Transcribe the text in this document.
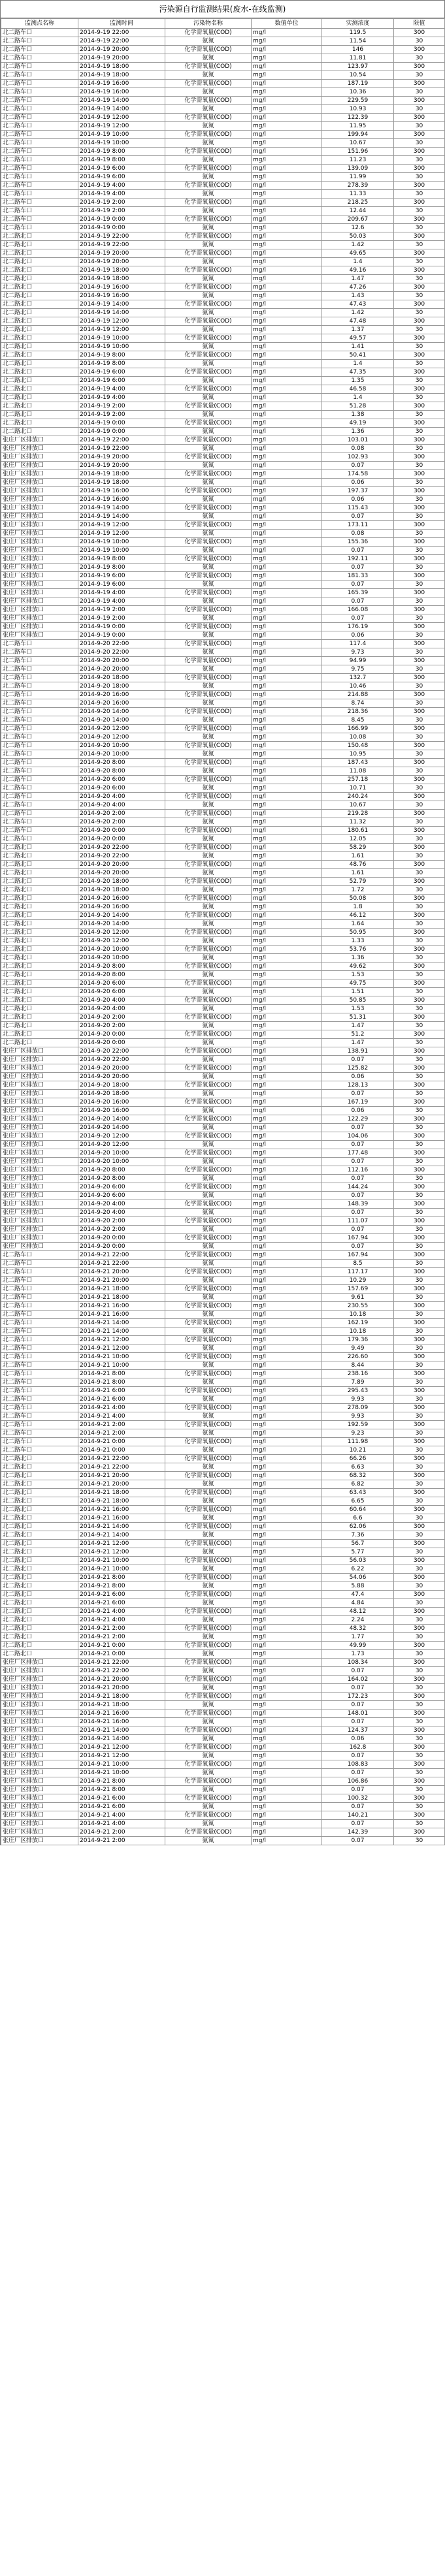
污染源自行监测结果(废水-在线监测)
监测点名称	监测时间	污染物名称	数值单位	实测浓度	限值
北二路车口	2014-9-19 22:00	化学需氧量(COD)	mg/l	119.5	300
北二路车口	2014-9-19 22:00	氨氮	mg/l	11.54	30
北二路车口	2014-9-19 20:00	化学需氧量(COD)	mg/l	146	300
北二路车口	2014-9-19 20:00	氨氮	mg/l	11.81	30
北二路车口	2014-9-19 18:00	化学需氧量(COD)	mg/l	123.97	300
北二路车口	2014-9-19 18:00	氨氮	mg/l	10.54	30
北二路车口	2014-9-19 16:00	化学需氧量(COD)	mg/l	187.19	300
北二路车口	2014-9-19 16:00	氨氮	mg/l	10.36	30
北二路车口	2014-9-19 14:00	化学需氧量(COD)	mg/l	229.59	300
北二路车口	2014-9-19 14:00	氨氮	mg/l	10.93	30
北二路车口	2014-9-19 12:00	化学需氧量(COD)	mg/l	122.39	300
北二路车口	2014-9-19 12:00	氨氮	mg/l	11.95	30
北二路车口	2014-9-19 10:00	化学需氧量(COD)	mg/l	199.94	300
北二路车口	2014-9-19 10:00	氨氮	mg/l	10.67	30
北二路车口	2014-9-19 8:00	化学需氧量(COD)	mg/l	151.96	300
北二路车口	2014-9-19 8:00	氨氮	mg/l	11.23	30
北二路车口	2014-9-19 6:00	化学需氧量(COD)	mg/l	139.09	300
北二路车口	2014-9-19 6:00	氨氮	mg/l	11.99	30
北二路车口	2014-9-19 4:00	化学需氧量(COD)	mg/l	278.39	300
北二路车口	2014-9-19 4:00	氨氮	mg/l	11.33	30
北二路车口	2014-9-19 2:00	化学需氧量(COD)	mg/l	218.25	300
北二路车口	2014-9-19 2:00	氨氮	mg/l	12.44	30
北二路车口	2014-9-19 0:00	化学需氧量(COD)	mg/l	209.67	300
北二路车口	2014-9-19 0:00	氨氮	mg/l	12.6	30
北二路北口	2014-9-19 22:00	化学需氧量(COD)	mg/l	50.03	300
北二路北口	2014-9-19 22:00	氨氮	mg/l	1.42	30
北二路北口	2014-9-19 20:00	化学需氧量(COD)	mg/l	49.65	300
北二路北口	2014-9-19 20:00	氨氮	mg/l	1.4	30
北二路北口	2014-9-19 18:00	化学需氧量(COD)	mg/l	49.16	300
北二路北口	2014-9-19 18:00	氨氮	mg/l	1.47	30
北二路北口	2014-9-19 16:00	化学需氧量(COD)	mg/l	47.26	300
北二路北口	2014-9-19 16:00	氨氮	mg/l	1.43	30
北二路北口	2014-9-19 14:00	化学需氧量(COD)	mg/l	47.43	300
北二路北口	2014-9-19 14:00	氨氮	mg/l	1.42	30
北二路北口	2014-9-19 12:00	化学需氧量(COD)	mg/l	47.48	300
北二路北口	2014-9-19 12:00	氨氮	mg/l	1.37	30
北二路北口	2014-9-19 10:00	化学需氧量(COD)	mg/l	49.57	300
北二路北口	2014-9-19 10:00	氨氮	mg/l	1.41	30
北二路北口	2014-9-19 8:00	化学需氧量(COD)	mg/l	50.41	300
北二路北口	2014-9-19 8:00	氨氮	mg/l	1.4	30
北二路北口	2014-9-19 6:00	化学需氧量(COD)	mg/l	47.35	300
北二路北口	2014-9-19 6:00	氨氮	mg/l	1.35	30
北二路北口	2014-9-19 4:00	化学需氧量(COD)	mg/l	46.58	300
北二路北口	2014-9-19 4:00	氨氮	mg/l	1.4	30
北二路北口	2014-9-19 2:00	化学需氧量(COD)	mg/l	51.28	300
北二路北口	2014-9-19 2:00	氨氮	mg/l	1.38	30
北二路北口	2014-9-19 0:00	化学需氧量(COD)	mg/l	49.19	300
北二路北口	2014-9-19 0:00	氨氮	mg/l	1.36	30
张庄厂区排放口	2014-9-19 22:00	化学需氧量(COD)	mg/l	103.01	300
张庄厂区排放口	2014-9-19 22:00	氨氮	mg/l	0.08	30
张庄厂区排放口	2014-9-19 20:00	化学需氧量(COD)	mg/l	102.93	300
张庄厂区排放口	2014-9-19 20:00	氨氮	mg/l	0.07	30
张庄厂区排放口	2014-9-19 18:00	化学需氧量(COD)	mg/l	174.58	300
张庄厂区排放口	2014-9-19 18:00	氨氮	mg/l	0.06	30
张庄厂区排放口	2014-9-19 16:00	化学需氧量(COD)	mg/l	197.37	300
张庄厂区排放口	2014-9-19 16:00	氨氮	mg/l	0.06	30
张庄厂区排放口	2014-9-19 14:00	化学需氧量(COD)	mg/l	115.43	300
张庄厂区排放口	2014-9-19 14:00	氨氮	mg/l	0.07	30
张庄厂区排放口	2014-9-19 12:00	化学需氧量(COD)	mg/l	173.11	300
张庄厂区排放口	2014-9-19 12:00	氨氮	mg/l	0.08	30
张庄厂区排放口	2014-9-19 10:00	化学需氧量(COD)	mg/l	155.36	300
张庄厂区排放口	2014-9-19 10:00	氨氮	mg/l	0.07	30
张庄厂区排放口	2014-9-19 8:00	化学需氧量(COD)	mg/l	192.11	300
张庄厂区排放口	2014-9-19 8:00	氨氮	mg/l	0.07	30
张庄厂区排放口	2014-9-19 6:00	化学需氧量(COD)	mg/l	181.33	300
张庄厂区排放口	2014-9-19 6:00	氨氮	mg/l	0.07	30
张庄厂区排放口	2014-9-19 4:00	化学需氧量(COD)	mg/l	165.39	300
张庄厂区排放口	2014-9-19 4:00	氨氮	mg/l	0.07	30
张庄厂区排放口	2014-9-19 2:00	化学需氧量(COD)	mg/l	166.08	300
张庄厂区排放口	2014-9-19 2:00	氨氮	mg/l	0.07	30
张庄厂区排放口	2014-9-19 0:00	化学需氧量(COD)	mg/l	176.19	300
张庄厂区排放口	2014-9-19 0:00	氨氮	mg/l	0.06	30
北二路车口	2014-9-20 22:00	化学需氧量(COD)	mg/l	117.4	300
北二路车口	2014-9-20 22:00	氨氮	mg/l	9.73	30
北二路车口	2014-9-20 20:00	化学需氧量(COD)	mg/l	94.99	300
北二路车口	2014-9-20 20:00	氨氮	mg/l	9.75	30
北二路车口	2014-9-20 18:00	化学需氧量(COD)	mg/l	132.7	300
北二路车口	2014-9-20 18:00	氨氮	mg/l	10.46	30
北二路车口	2014-9-20 16:00	化学需氧量(COD)	mg/l	214.88	300
北二路车口	2014-9-20 16:00	氨氮	mg/l	8.74	30
北二路车口	2014-9-20 14:00	化学需氧量(COD)	mg/l	218.36	300
北二路车口	2014-9-20 14:00	氨氮	mg/l	8.45	30
北二路车口	2014-9-20 12:00	化学需氧量(COD)	mg/l	166.99	300
北二路车口	2014-9-20 12:00	氨氮	mg/l	10.08	30
北二路车口	2014-9-20 10:00	化学需氧量(COD)	mg/l	150.48	300
北二路车口	2014-9-20 10:00	氨氮	mg/l	10.95	30
北二路车口	2014-9-20 8:00	化学需氧量(COD)	mg/l	187.43	300
北二路车口	2014-9-20 8:00	氨氮	mg/l	11.08	30
北二路车口	2014-9-20 6:00	化学需氧量(COD)	mg/l	257.18	300
北二路车口	2014-9-20 6:00	氨氮	mg/l	10.71	30
北二路车口	2014-9-20 4:00	化学需氧量(COD)	mg/l	240.24	300
北二路车口	2014-9-20 4:00	氨氮	mg/l	10.67	30
北二路车口	2014-9-20 2:00	化学需氧量(COD)	mg/l	219.28	300
北二路车口	2014-9-20 2:00	氨氮	mg/l	11.32	30
北二路车口	2014-9-20 0:00	化学需氧量(COD)	mg/l	180.61	300
北二路车口	2014-9-20 0:00	氨氮	mg/l	12.05	30
北二路北口	2014-9-20 22:00	化学需氧量(COD)	mg/l	58.29	300
北二路北口	2014-9-20 22:00	氨氮	mg/l	1.61	30
北二路北口	2014-9-20 20:00	化学需氧量(COD)	mg/l	48.76	300
北二路北口	2014-9-20 20:00	氨氮	mg/l	1.61	30
北二路北口	2014-9-20 18:00	化学需氧量(COD)	mg/l	52.79	300
北二路北口	2014-9-20 18:00	氨氮	mg/l	1.72	30
北二路北口	2014-9-20 16:00	化学需氧量(COD)	mg/l	50.08	300
北二路北口	2014-9-20 16:00	氨氮	mg/l	1.8	30
北二路北口	2014-9-20 14:00	化学需氧量(COD)	mg/l	46.12	300
北二路北口	2014-9-20 14:00	氨氮	mg/l	1.64	30
北二路北口	2014-9-20 12:00	化学需氧量(COD)	mg/l	50.95	300
北二路北口	2014-9-20 12:00	氨氮	mg/l	1.33	30
北二路北口	2014-9-20 10:00	化学需氧量(COD)	mg/l	53.76	300
北二路北口	2014-9-20 10:00	氨氮	mg/l	1.36	30
北二路北口	2014-9-20 8:00	化学需氧量(COD)	mg/l	49.62	300
北二路北口	2014-9-20 8:00	氨氮	mg/l	1.53	30
北二路北口	2014-9-20 6:00	化学需氧量(COD)	mg/l	49.75	300
北二路北口	2014-9-20 6:00	氨氮	mg/l	1.51	30
北二路北口	2014-9-20 4:00	化学需氧量(COD)	mg/l	50.85	300
北二路北口	2014-9-20 4:00	氨氮	mg/l	1.53	30
北二路北口	2014-9-20 2:00	化学需氧量(COD)	mg/l	51.31	300
北二路北口	2014-9-20 2:00	氨氮	mg/l	1.47	30
北二路北口	2014-9-20 0:00	化学需氧量(COD)	mg/l	51.2	300
北二路北口	2014-9-20 0:00	氨氮	mg/l	1.47	30
张庄厂区排放口	2014-9-20 22:00	化学需氧量(COD)	mg/l	138.91	300
张庄厂区排放口	2014-9-20 22:00	氨氮	mg/l	0.07	30
张庄厂区排放口	2014-9-20 20:00	化学需氧量(COD)	mg/l	125.82	300
张庄厂区排放口	2014-9-20 20:00	氨氮	mg/l	0.06	30
张庄厂区排放口	2014-9-20 18:00	化学需氧量(COD)	mg/l	128.13	300
张庄厂区排放口	2014-9-20 18:00	氨氮	mg/l	0.07	30
张庄厂区排放口	2014-9-20 16:00	化学需氧量(COD)	mg/l	167.19	300
张庄厂区排放口	2014-9-20 16:00	氨氮	mg/l	0.06	30
张庄厂区排放口	2014-9-20 14:00	化学需氧量(COD)	mg/l	122.29	300
张庄厂区排放口	2014-9-20 14:00	氨氮	mg/l	0.07	30
张庄厂区排放口	2014-9-20 12:00	化学需氧量(COD)	mg/l	104.06	300
张庄厂区排放口	2014-9-20 12:00	氨氮	mg/l	0.07	30
张庄厂区排放口	2014-9-20 10:00	化学需氧量(COD)	mg/l	177.48	300
张庄厂区排放口	2014-9-20 10:00	氨氮	mg/l	0.07	30
张庄厂区排放口	2014-9-20 8:00	化学需氧量(COD)	mg/l	112.16	300
张庄厂区排放口	2014-9-20 8:00	氨氮	mg/l	0.07	30
张庄厂区排放口	2014-9-20 6:00	化学需氧量(COD)	mg/l	144.24	300
张庄厂区排放口	2014-9-20 6:00	氨氮	mg/l	0.07	30
张庄厂区排放口	2014-9-20 4:00	化学需氧量(COD)	mg/l	148.39	300
张庄厂区排放口	2014-9-20 4:00	氨氮	mg/l	0.07	30
张庄厂区排放口	2014-9-20 2:00	化学需氧量(COD)	mg/l	111.07	300
张庄厂区排放口	2014-9-20 2:00	氨氮	mg/l	0.07	30
张庄厂区排放口	2014-9-20 0:00	化学需氧量(COD)	mg/l	167.94	300
张庄厂区排放口	2014-9-20 0:00	氨氮	mg/l	0.07	30
北二路车口	2014-9-21 22:00	化学需氧量(COD)	mg/l	167.94	300
北二路车口	2014-9-21 22:00	氨氮	mg/l	8.5	30
北二路车口	2014-9-21 20:00	化学需氧量(COD)	mg/l	117.17	300
北二路车口	2014-9-21 20:00	氨氮	mg/l	10.29	30
北二路车口	2014-9-21 18:00	化学需氧量(COD)	mg/l	157.69	300
北二路车口	2014-9-21 18:00	氨氮	mg/l	9.61	30
北二路车口	2014-9-21 16:00	化学需氧量(COD)	mg/l	230.55	300
北二路车口	2014-9-21 16:00	氨氮	mg/l	10.18	30
北二路车口	2014-9-21 14:00	化学需氧量(COD)	mg/l	162.19	300
北二路车口	2014-9-21 14:00	氨氮	mg/l	10.18	30
北二路车口	2014-9-21 12:00	化学需氧量(COD)	mg/l	179.36	300
北二路车口	2014-9-21 12:00	氨氮	mg/l	9.49	30
北二路车口	2014-9-21 10:00	化学需氧量(COD)	mg/l	226.60	300
北二路车口	2014-9-21 10:00	氨氮	mg/l	8.44	30
北二路车口	2014-9-21 8:00	化学需氧量(COD)	mg/l	238.16	300
北二路车口	2014-9-21 8:00	氨氮	mg/l	7.89	30
北二路车口	2014-9-21 6:00	化学需氧量(COD)	mg/l	295.43	300
北二路车口	2014-9-21 6:00	氨氮	mg/l	9.93	30
北二路车口	2014-9-21 4:00	化学需氧量(COD)	mg/l	278.09	300
北二路车口	2014-9-21 4:00	氨氮	mg/l	9.93	30
北二路车口	2014-9-21 2:00	化学需氧量(COD)	mg/l	192.59	300
北二路车口	2014-9-21 2:00	氨氮	mg/l	9.23	30
北二路车口	2014-9-21 0:00	化学需氧量(COD)	mg/l	111.98	300
北二路车口	2014-9-21 0:00	氨氮	mg/l	10.21	30
北二路北口	2014-9-21 22:00	化学需氧量(COD)	mg/l	66.26	300
北二路北口	2014-9-21 22:00	氨氮	mg/l	6.63	30
北二路北口	2014-9-21 20:00	化学需氧量(COD)	mg/l	68.32	300
北二路北口	2014-9-21 20:00	氨氮	mg/l	6.82	30
北二路北口	2014-9-21 18:00	化学需氧量(COD)	mg/l	63.43	300
北二路北口	2014-9-21 18:00	氨氮	mg/l	6.65	30
北二路北口	2014-9-21 16:00	化学需氧量(COD)	mg/l	60.64	300
北二路北口	2014-9-21 16:00	氨氮	mg/l	6.6	30
北二路北口	2014-9-21 14:00	化学需氧量(COD)	mg/l	62.06	300
北二路北口	2014-9-21 14:00	氨氮	mg/l	7.36	30
北二路北口	2014-9-21 12:00	化学需氧量(COD)	mg/l	56.7	300
北二路北口	2014-9-21 12:00	氨氮	mg/l	5.77	30
北二路北口	2014-9-21 10:00	化学需氧量(COD)	mg/l	56.03	300
北二路北口	2014-9-21 10:00	氨氮	mg/l	6.22	30
北二路北口	2014-9-21 8:00	化学需氧量(COD)	mg/l	54.06	300
北二路北口	2014-9-21 8:00	氨氮	mg/l	5.88	30
北二路北口	2014-9-21 6:00	化学需氧量(COD)	mg/l	47.4	300
北二路北口	2014-9-21 6:00	氨氮	mg/l	4.84	30
北二路北口	2014-9-21 4:00	化学需氧量(COD)	mg/l	48.12	300
北二路北口	2014-9-21 4:00	氨氮	mg/l	2.24	30
北二路北口	2014-9-21 2:00	化学需氧量(COD)	mg/l	48.32	300
北二路北口	2014-9-21 2:00	氨氮	mg/l	1.77	30
北二路北口	2014-9-21 0:00	化学需氧量(COD)	mg/l	49.99	300
北二路北口	2014-9-21 0:00	氨氮	mg/l	1.73	30
张庄厂区排放口	2014-9-21 22:00	化学需氧量(COD)	mg/l	108.34	300
张庄厂区排放口	2014-9-21 22:00	氨氮	mg/l	0.07	30
张庄厂区排放口	2014-9-21 20:00	化学需氧量(COD)	mg/l	164.02	300
张庄厂区排放口	2014-9-21 20:00	氨氮	mg/l	0.07	30
张庄厂区排放口	2014-9-21 18:00	化学需氧量(COD)	mg/l	172.23	300
张庄厂区排放口	2014-9-21 18:00	氨氮	mg/l	0.07	30
张庄厂区排放口	2014-9-21 16:00	化学需氧量(COD)	mg/l	148.01	300
张庄厂区排放口	2014-9-21 16:00	氨氮	mg/l	0.07	30
张庄厂区排放口	2014-9-21 14:00	化学需氧量(COD)	mg/l	124.37	300
张庄厂区排放口	2014-9-21 14:00	氨氮	mg/l	0.06	30
张庄厂区排放口	2014-9-21 12:00	化学需氧量(COD)	mg/l	162.8	300
张庄厂区排放口	2014-9-21 12:00	氨氮	mg/l	0.07	30
张庄厂区排放口	2014-9-21 10:00	化学需氧量(COD)	mg/l	108.83	300
张庄厂区排放口	2014-9-21 10:00	氨氮	mg/l	0.07	30
张庄厂区排放口	2014-9-21 8:00	化学需氧量(COD)	mg/l	106.86	300
张庄厂区排放口	2014-9-21 8:00	氨氮	mg/l	0.07	30
张庄厂区排放口	2014-9-21 6:00	化学需氧量(COD)	mg/l	100.32	300
张庄厂区排放口	2014-9-21 6:00	氨氮	mg/l	0.07	30
张庄厂区排放口	2014-9-21 4:00	化学需氧量(COD)	mg/l	140.21	300
张庄厂区排放口	2014-9-21 4:00	氨氮	mg/l	0.07	30
张庄厂区排放口	2014-9-21 2:00	化学需氧量(COD)	mg/l	142.39	300
张庄厂区排放口	2014-9-21 2:00	氨氮	mg/l	0.07	30
